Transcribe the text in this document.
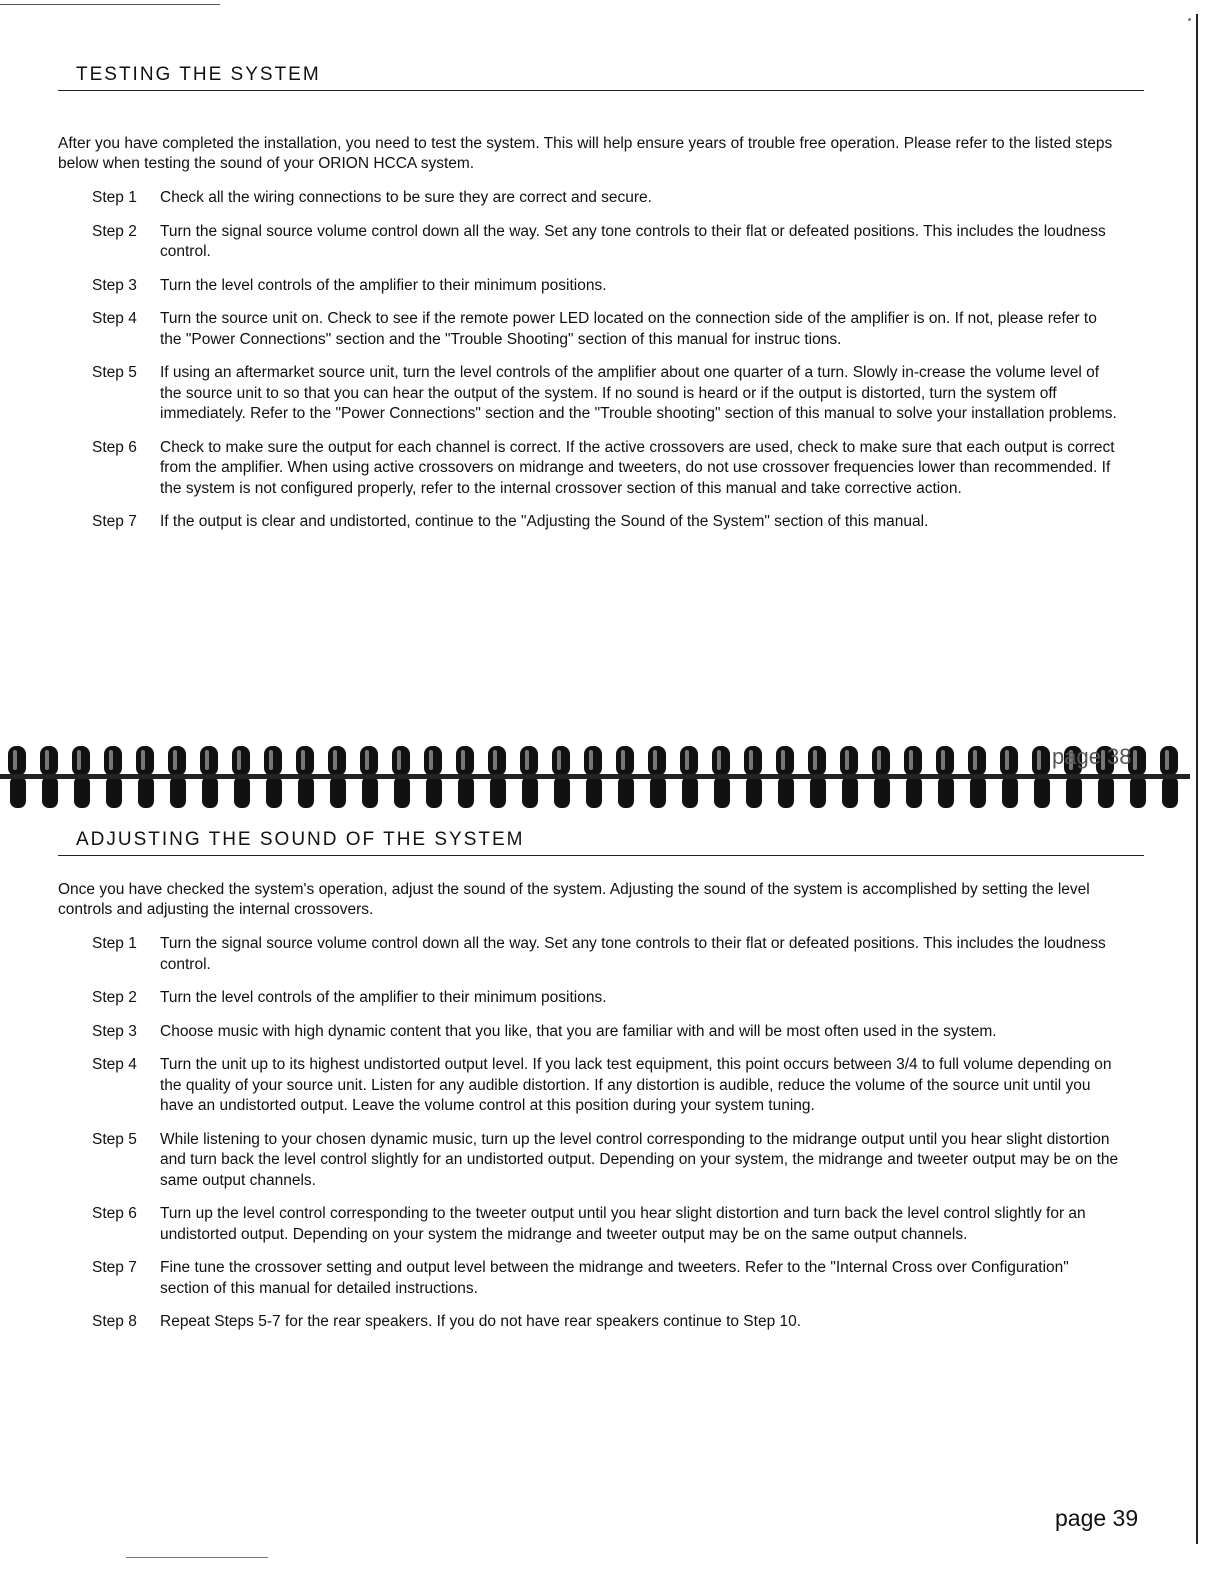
TESTING THE SYSTEM
After you have completed the installation, you need to test the system. This will help ensure years of trouble free operation. Please refer to the listed steps below when testing the sound of your ORION HCCA system.
Step 1	Check all the wiring connections to be sure they are correct and secure.
Step 2	Turn the signal source volume control down all the way. Set any tone controls to their flat or defeated positions. This includes the loudness control.
Step 3	Turn the level controls of the amplifier to their minimum positions.
Step 4	Turn the source unit on. Check to see if the remote power LED located on the connection side of the amplifier is on. If not, please refer to the "Power Connections" section and the "Trouble Shooting" section of this manual for instruc tions.
Step 5	If using an aftermarket source unit, turn the level controls of the amplifier about one quarter of a turn. Slowly in-crease the volume level of the source unit to so that you can hear the output of the system. If no sound is heard or if the output is distorted, turn the system off immediately. Refer to the "Power Connections" section and the "Trouble shooting" section of this manual to solve your installation problems.
Step 6	Check to make sure the output for each channel is correct. If the active crossovers are used, check to make sure that each output is correct from the amplifier. When using active crossovers on midrange and tweeters, do not use crossover frequencies lower than recommended. If the system is not configured properly, refer to the internal crossover section of this manual and take corrective action.
Step 7	If the output is clear and undistorted, continue to the "Adjusting the Sound of the System" section of this manual.
page 38
ADJUSTING THE SOUND OF THE SYSTEM
Once you have checked the system's operation, adjust the sound of the system. Adjusting the sound of the system is accomplished by setting the level controls and adjusting the internal crossovers.
Step 1	Turn the signal source volume control down all the way. Set any tone controls to their flat or defeated positions. This includes the loudness control.
Step 2	Turn the level controls of the amplifier to their minimum positions.
Step 3	Choose music with high dynamic content that you like, that you are familiar with and will be most often used in the system.
Step 4	Turn the unit up to its highest undistorted output level. If you lack test equipment, this point occurs between 3/4 to full volume depending on the quality of your source unit. Listen for any audible distortion. If any distortion is audible, reduce the volume of the source unit until you have an undistorted output. Leave the volume control at this position during your system tuning.
Step 5	While listening to your chosen dynamic music, turn up the level control corresponding to the midrange output until you hear slight distortion and turn back the level control slightly for an undistorted output. Depending on your system, the midrange and tweeter output may be on the same output channels.
Step 6	Turn up the level control corresponding to the tweeter output until you hear slight distortion and turn back the level control slightly for an undistorted output. Depending on your system the midrange and tweeter output may be on the same output channels.
Step 7	Fine tune the crossover setting and output level between the midrange and tweeters. Refer to the "Internal Cross over Configuration" section of this manual for detailed instructions.
Step 8	Repeat Steps 5-7 for the rear speakers. If you do not have rear speakers continue to Step 10.
page 39
